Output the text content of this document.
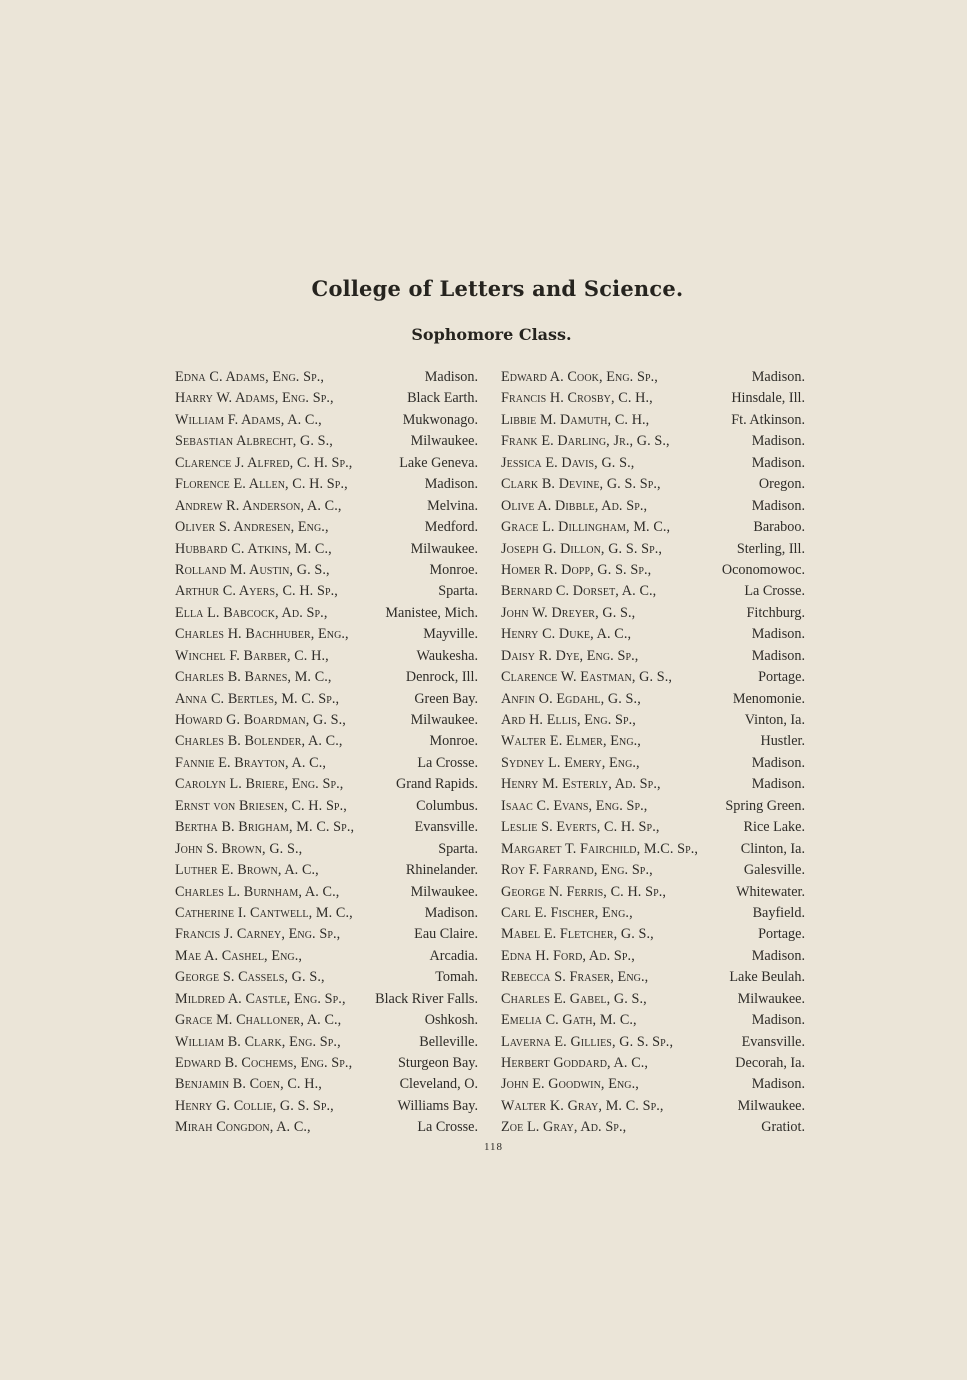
College of Letters and Science.
Sophomore Class.
Edna C. Adams, Eng. Sp.,	Madison.
Harry W. Adams, Eng. Sp.,	Black Earth.
William F. Adams, A. C.,	Mukwonago.
Sebastian Albrecht, G. S.,	Milwaukee.
Clarence J. Alfred, C. H. Sp.,	Lake Geneva.
Florence E. Allen, C. H. Sp.,	Madison.
Andrew R. Anderson, A. C.,	Melvina.
Oliver S. Andresen, Eng.,	Medford.
Hubbard C. Atkins, M. C.,	Milwaukee.
Rolland M. Austin, G. S.,	Monroe.
Arthur C. Ayers, C. H. Sp.,	Sparta.
Ella L. Babcock, Ad. Sp.,	Manistee, Mich.
Charles H. Bachhuber, Eng.,	Mayville.
Winchel F. Barber, C. H.,	Waukesha.
Charles B. Barnes, M. C.,	Denrock, Ill.
Anna C. Bertles, M. C. Sp.,	Green Bay.
Howard G. Boardman, G. S.,	Milwaukee.
Charles B. Bolender, A. C.,	Monroe.
Fannie E. Brayton, A. C.,	La Crosse.
Carolyn L. Briere, Eng. Sp.,	Grand Rapids.
Ernst von Briesen, C. H. Sp.,	Columbus.
Bertha B. Brigham, M. C. Sp.,	Evansville.
John S. Brown, G. S.,	Sparta.
Luther E. Brown, A. C.,	Rhinelander.
Charles L. Burnham, A. C.,	Milwaukee.
Catherine I. Cantwell, M. C.,	Madison.
Francis J. Carney, Eng. Sp.,	Eau Claire.
Mae A. Cashel, Eng.,	Arcadia.
George S. Cassels, G. S.,	Tomah.
Mildred A. Castle, Eng. Sp., Black River Falls.
Grace M. Challoner, A. C.,	Oshkosh.
William B. Clark, Eng. Sp.,	Belleville.
Edward B. Cochems, Eng. Sp.,	Sturgeon Bay.
Benjamin B. Coen, C. H.,	Cleveland, O.
Henry G. Collie, G. S. Sp.,	Williams Bay.
Mirah Congdon, A. C.,	La Crosse.
Edward A. Cook, Eng. Sp.,	Madison.
Francis H. Crosby, C. H.,	Hinsdale, Ill.
Libbie M. Damuth, C. H.,	Ft. Atkinson.
Frank E. Darling, Jr., G. S.,	Madison.
Jessica E. Davis, G. S.,	Madison.
Clark B. Devine, G. S. Sp.,	Oregon.
Olive A. Dibble, Ad. Sp.,	Madison.
Grace L. Dillingham, M. C.,	Baraboo.
Joseph G. Dillon, G. S. Sp.,	Sterling, Ill.
Homer R. Dopp, G. S. Sp.,	Oconomowoc.
Bernard C. Dorset, A. C.,	La Crosse.
John W. Dreyer, G. S.,	Fitchburg.
Henry C. Duke, A. C.,	Madison.
Daisy R. Dye, Eng. Sp.,	Madison.
Clarence W. Eastman, G. S.,	Portage.
Anfin O. Egdahl, G. S.,	Menomonie.
Ard H. Ellis, Eng. Sp.,	Vinton, Ia.
Walter E. Elmer, Eng.,	Hustler.
Sydney L. Emery, Eng.,	Madison.
Henry M. Esterly, Ad. Sp.,	Madison.
Isaac C. Evans, Eng. Sp.,	Spring Green.
Leslie S. Everts, C. H. Sp.,	Rice Lake.
Margaret T. Fairchild, M.C. Sp.,	Clinton, Ia.
Roy F. Farrand, Eng. Sp.,	Galesville.
George N. Ferris, C. H. Sp.,	Whitewater.
Carl E. Fischer, Eng.,	Bayfield.
Mabel E. Fletcher, G. S.,	Portage.
Edna H. Ford, Ad. Sp.,	Madison.
Rebecca S. Fraser, Eng.,	Lake Beulah.
Charles E. Gabel, G. S.,	Milwaukee.
Emelia C. Gath, M. C.,	Madison.
Laverna E. Gillies, G. S. Sp.,	Evansville.
Herbert Goddard, A. C.,	Decorah, Ia.
John E. Goodwin, Eng.,	Madison.
Walter K. Gray, M. C. Sp.,	Milwaukee.
Zoe L. Gray, Ad. Sp.,	Gratiot.
118
